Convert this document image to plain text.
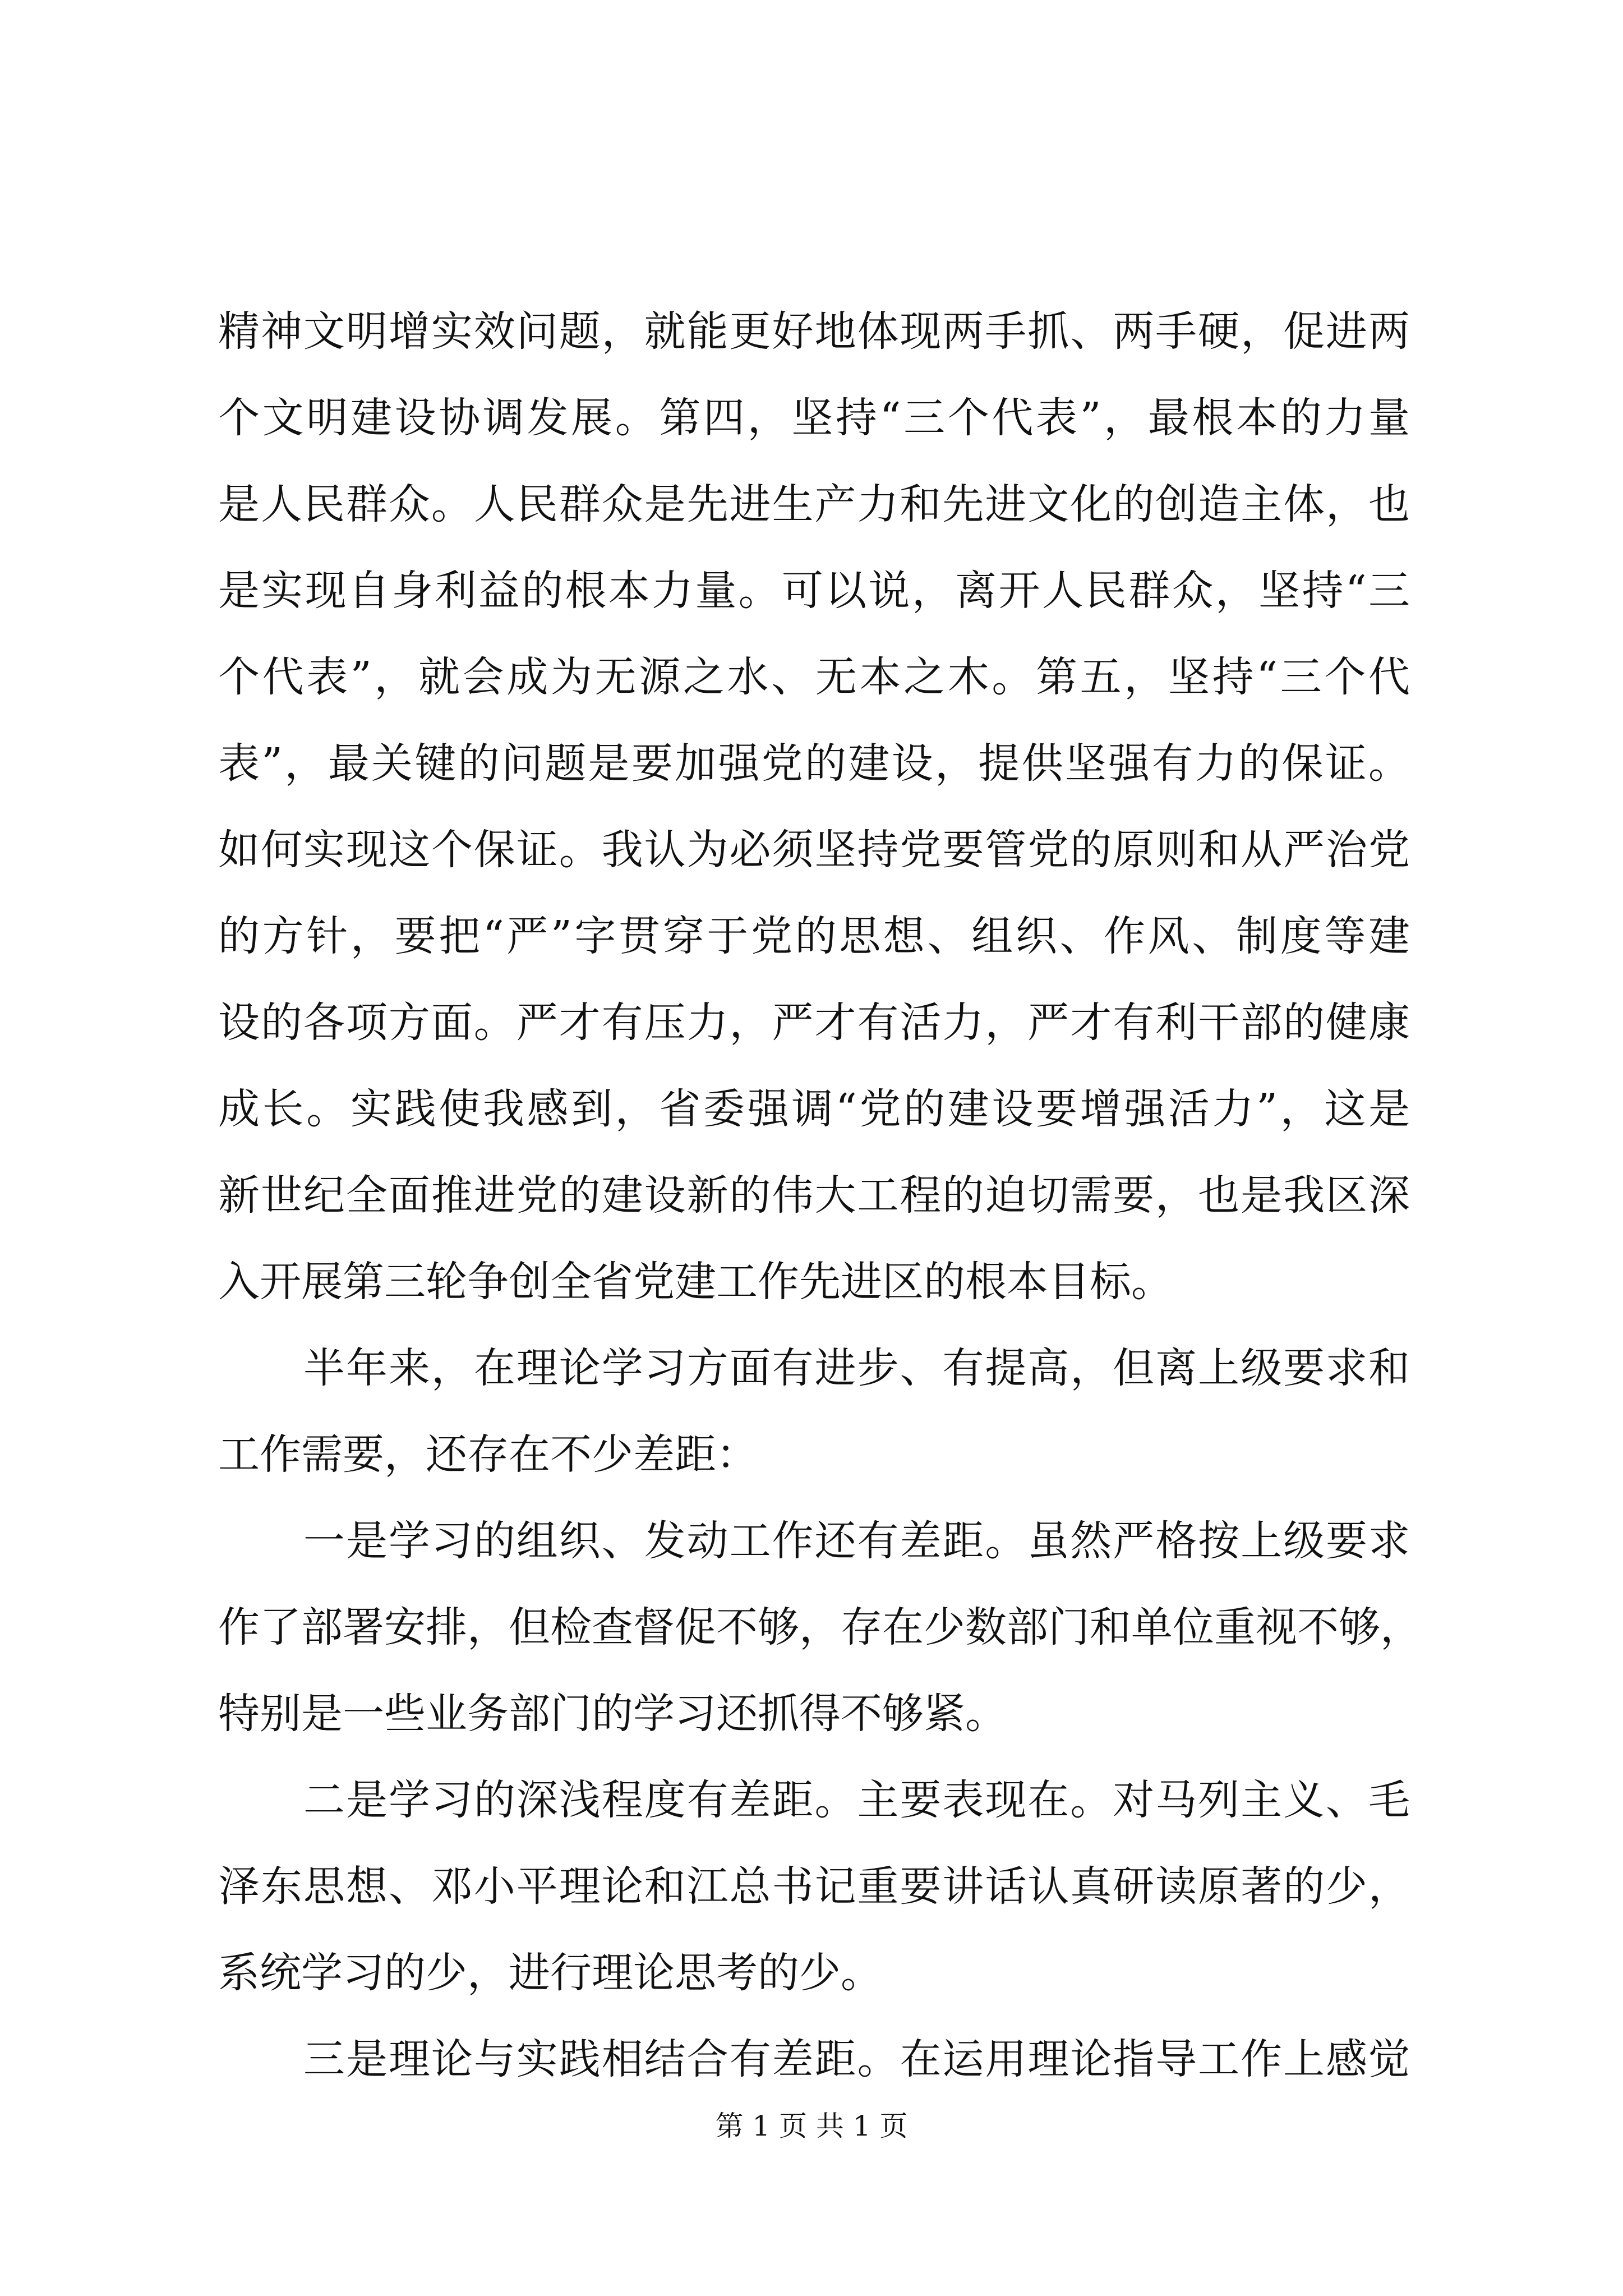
精神文明增实效问题，就能更好地体现两手抓、两手硬，促进两
个文明建设协调发展。第四，坚持“三个代表”，最根本的力量
是人民群众。人民群众是先进生产力和先进文化的创造主体，也
是实现自身利益的根本力量。可以说，离开人民群众，坚持“三
个代表”，就会成为无源之水、无本之木。第五，坚持“三个代
表”，最关键的问题是要加强党的建设，提供坚强有力的保证。
如何实现这个保证。我认为必须坚持党要管党的原则和从严治党
的方针，要把“严”字贯穿于党的思想、组织、作风、制度等建
设的各项方面。严才有压力，严才有活力，严才有利干部的健康
成长。实践使我感到，省委强调“党的建设要增强活力”，这是
新世纪全面推进党的建设新的伟大工程的迫切需要，也是我区深
入开展第三轮争创全省党建工作先进区的根本目标。
半年来，在理论学习方面有进步、有提高，但离上级要求和
工作需要，还存在不少差距：
一是学习的组织、发动工作还有差距。虽然严格按上级要求
作了部署安排，但检查督促不够，存在少数部门和单位重视不够，
特别是一些业务部门的学习还抓得不够紧。
二是学习的深浅程度有差距。主要表现在。对马列主义、毛
泽东思想、邓小平理论和江总书记重要讲话认真研读原著的少，
系统学习的少，进行理论思考的少。
三是理论与实践相结合有差距。在运用理论指导工作上感觉
第 1 页 共 1 页
